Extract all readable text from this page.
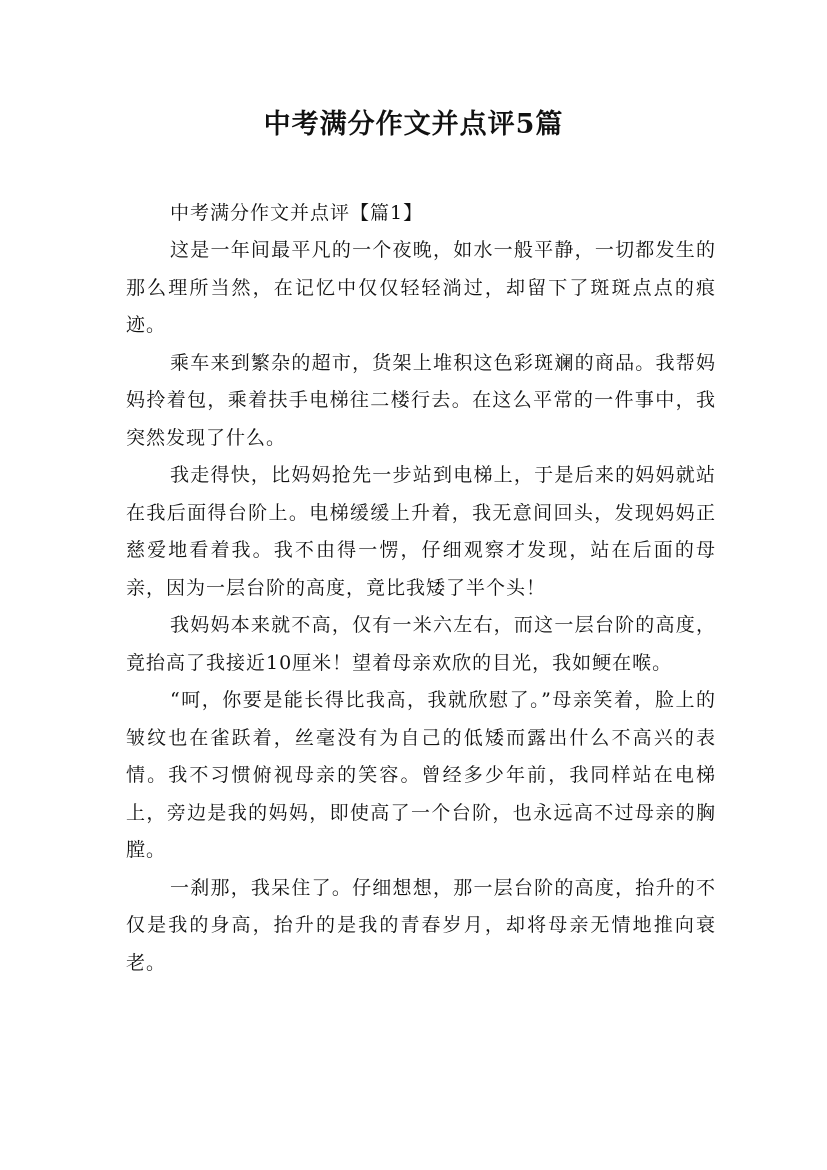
中考满分作文并点评5篇
中考满分作文并点评【篇1】

这是一年间最平凡的一个夜晚，如水一般平静，一切都发生的那么理所当然，在记忆中仅仅轻轻淌过，却留下了斑斑点点的痕迹。

乘车来到繁杂的超市，货架上堆积这色彩斑斓的商品。我帮妈妈拎着包，乘着扶手电梯往二楼行去。在这么平常的一件事中，我突然发现了什么。

我走得快，比妈妈抢先一步站到电梯上，于是后来的妈妈就站在我后面得台阶上。电梯缓缓上升着，我无意间回头，发现妈妈正慈爱地看着我。我不由得一愣，仔细观察才发现，站在后面的母亲，因为一层台阶的高度，竟比我矮了半个头！

我妈妈本来就不高，仅有一米六左右，而这一层台阶的高度，竟抬高了我接近10厘米！望着母亲欢欣的目光，我如鲠在喉。

“呵，你要是能长得比我高，我就欣慰了。”母亲笑着，脸上的皱纹也在雀跃着，丝毫没有为自己的低矮而露出什么不高兴的表情。我不习惯俯视母亲的笑容。曾经多少年前，我同样站在电梯上，旁边是我的妈妈，即使高了一个台阶，也永远高不过母亲的胸膛。

一刹那，我呆住了。仔细想想，那一层台阶的高度，抬升的不仅是我的身高，抬升的是我的青春岁月，却将母亲无情地推向衰老。
